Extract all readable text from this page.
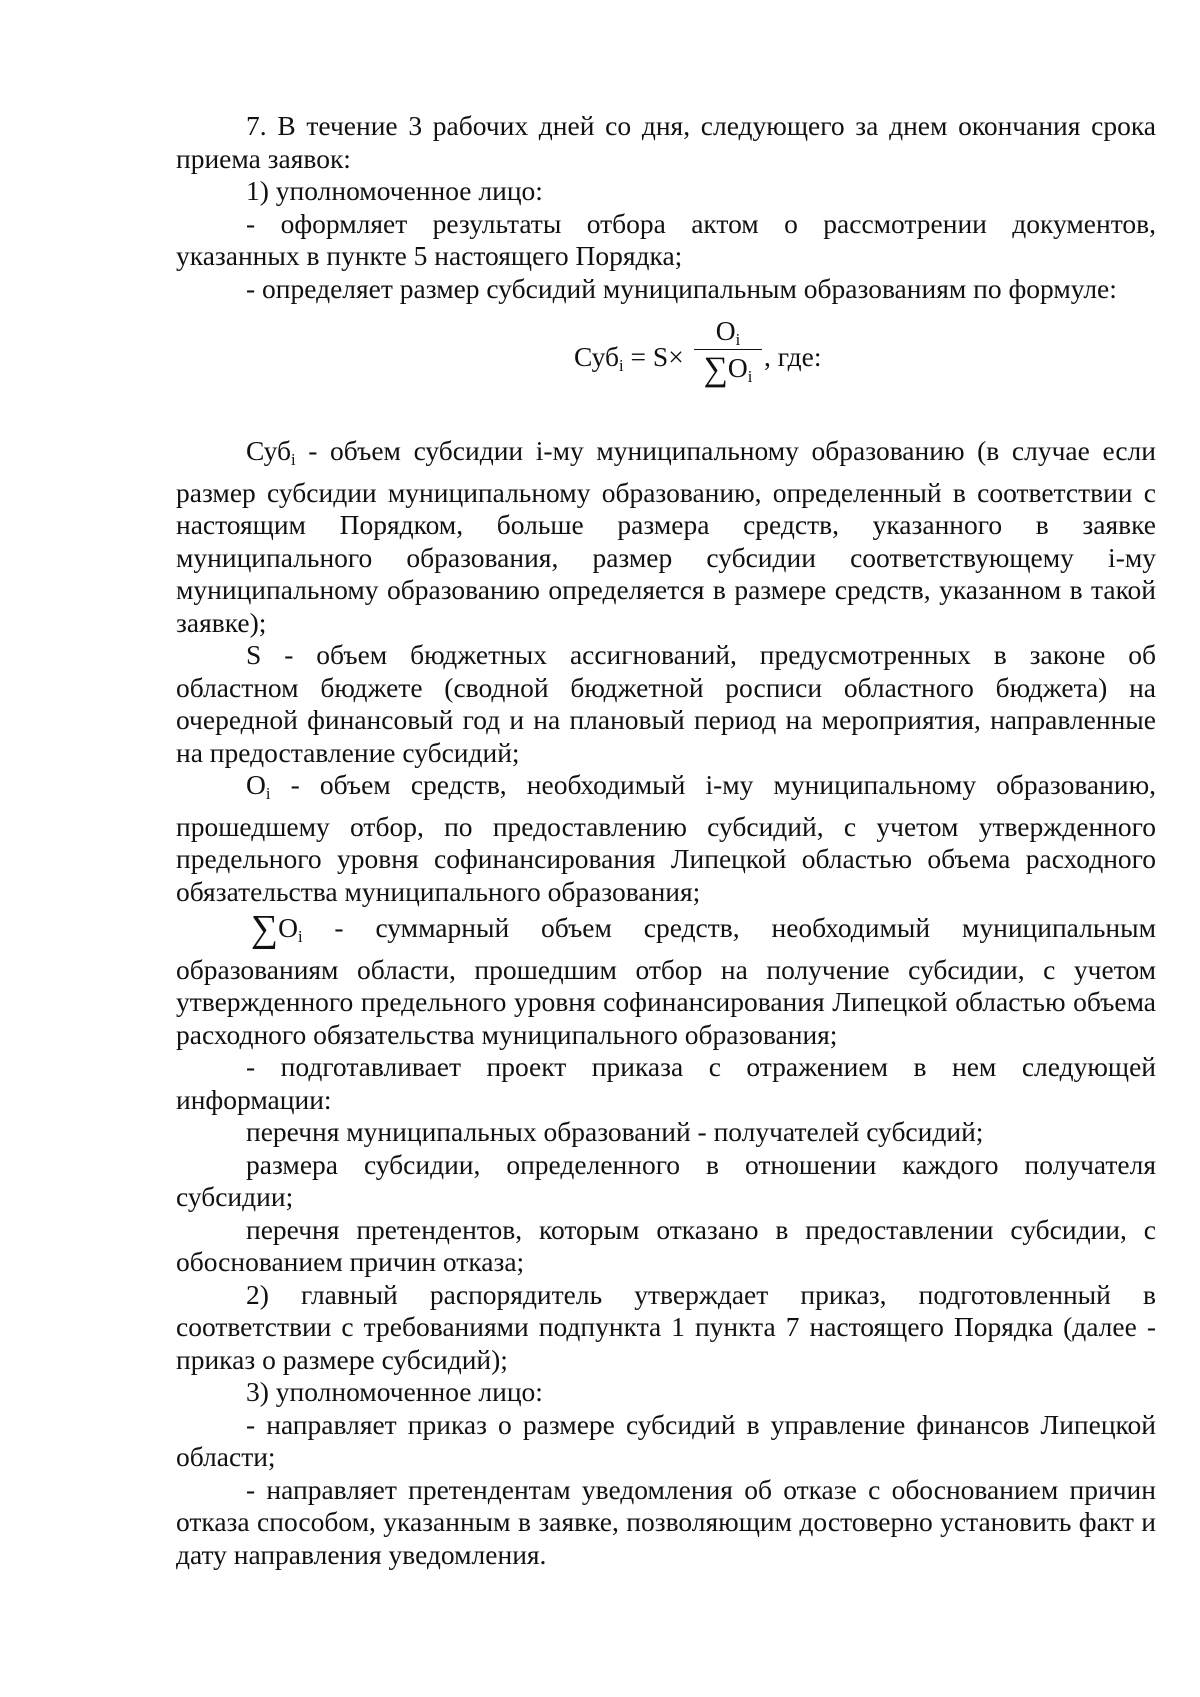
7. В течение 3 рабочих дней со дня, следующего за днем окончания срока приема заявок:

1) уполномоченное лицо:

- оформляет результаты отбора актом о рассмотрении документов, указанных в пункте 5 настоящего Порядка;

- определяет размер субсидий муниципальным образованиям по формуле:

Суб$_i$ = S×
$O_i$
$\sum O_i$
, где:

Суб$_i$ - объем субсидии i-му муниципальному образованию (в случае если размер субсидии муниципальному образованию, определенный в соответствии с настоящим Порядком, больше размера средств, указанного в заявке муниципального образования, размер субсидии соответствующему i-му муниципальному образованию определяется в размере средств, указанном в такой заявке);

S - объем бюджетных ассигнований, предусмотренных в законе об областном бюджете (сводной бюджетной росписи областного бюджета) на очередной финансовый год и на плановый период на мероприятия, направленные на предоставление субсидий;

$O_i$ - объем средств, необходимый i-му муниципальному образованию, прошедшему отбор, по предоставлению субсидий, с учетом утвержденного предельного уровня софинансирования Липецкой областью объема расходного обязательства муниципального образования;

$\sum O_i$ - суммарный объем средств, необходимый муниципальным образованиям области, прошедшим отбор на получение субсидии, с учетом утвержденного предельного уровня софинансирования Липецкой областью объема расходного обязательства муниципального образования;

- подготавливает проект приказа с отражением в нем следующей информации:

перечня муниципальных образований - получателей субсидий;

размера субсидии, определенного в отношении каждого получателя субсидии;

перечня претендентов, которым отказано в предоставлении субсидии, с обоснованием причин отказа;

2) главный распорядитель утверждает приказ, подготовленный в соответствии с требованиями подпункта 1 пункта 7 настоящего Порядка (далее - приказ о размере субсидий);

3) уполномоченное лицо:

- направляет приказ о размере субсидий в управление финансов Липецкой области;

- направляет претендентам уведомления об отказе с обоснованием причин отказа способом, указанным в заявке, позволяющим достоверно установить факт и дату направления уведомления.
